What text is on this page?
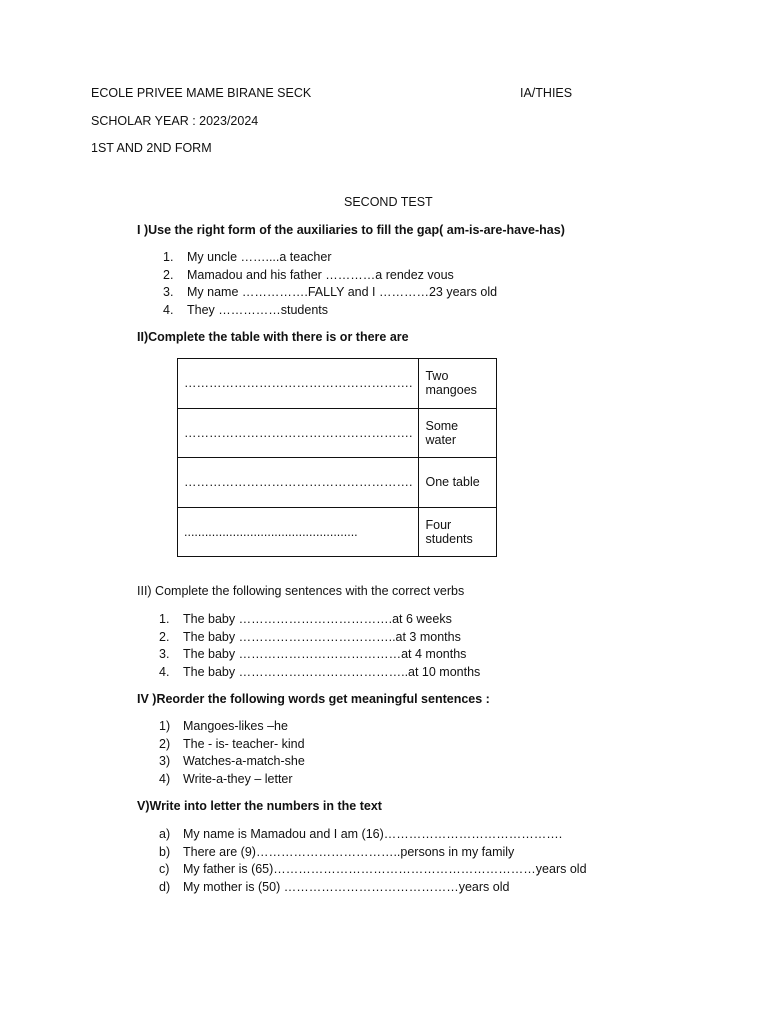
ECOLE PRIVEE MAME BIRANE SECK	IA/THIES
SCHOLAR YEAR : 2023/2024
1ST AND 2ND FORM
SECOND TEST
I )Use the right form of the auxiliaries to fill the gap( am-is-are-have-has)
1.	My uncle ……....a teacher
2.	Mamadou and his father …………a rendez vous
3.	My name …………….FALLY and I …………23 years old
4.	They ……………students
II)Complete the table with there is or there are
……………………………………………….	Two mangoes
……………………………………………….	Some water
……………………………………………….	One table
..................................................	Four students
III) Complete the following sentences with the correct verbs
1.	The baby ……………………………….at 6 weeks
2.	The baby ………………………………..at 3 months
3.	The baby …………………………………at 4 months
4.	The baby …………………………………..at 10 months
IV )Reorder the following words get meaningful sentences :
1)	Mangoes-likes –he
2)	The - is- teacher- kind
3)	Watches-a-match-she
4)	Write-a-they – letter
V)Write into letter the numbers in the text
a)	My name is Mamadou and I am (16)…………………………………….
b)	There are (9)……………………………..persons in my family
c)	My father is (65)………………………………………………………years old
d)	My mother is (50) ……………………………………years old
